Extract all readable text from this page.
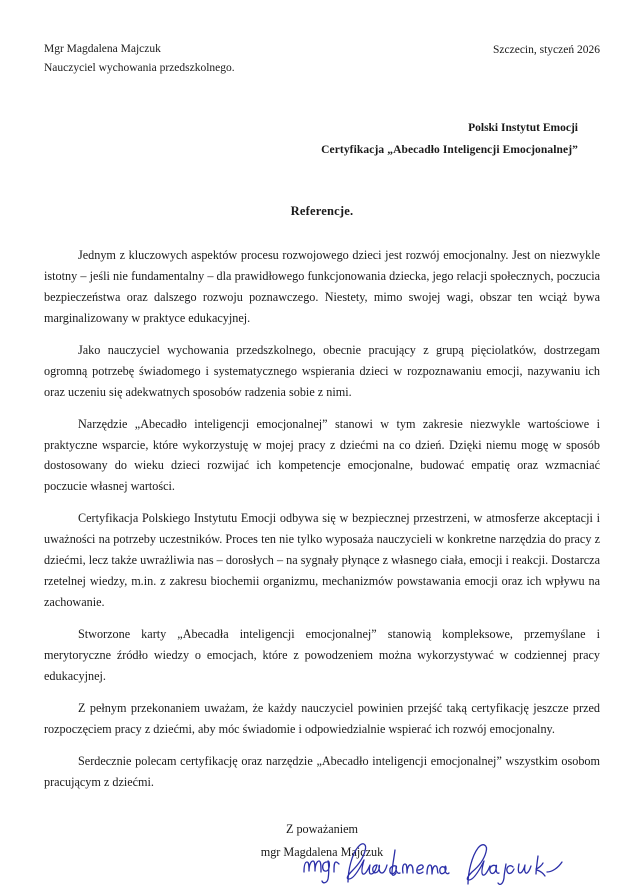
Mgr Magdalena Majczuk
Nauczyciel wychowania przedszkolnego.
Szczecin, styczeń 2026
Polski Instytut Emocji
Certyfikacja „Abecadło Inteligencji Emocjonalnej”
Referencje.

Jednym z kluczowych aspektów procesu rozwojowego dzieci jest rozwój emocjonalny. Jest on niezwykle istotny – jeśli nie fundamentalny – dla prawidłowego funkcjonowania dziecka, jego relacji społecznych, poczucia bezpieczeństwa oraz dalszego rozwoju poznawczego. Niestety, mimo swojej wagi, obszar ten wciąż bywa marginalizowany w praktyce edukacyjnej.

Jako nauczyciel wychowania przedszkolnego, obecnie pracujący z grupą pięciolatków, dostrzegam ogromną potrzebę świadomego i systematycznego wspierania dzieci w rozpoznawaniu emocji, nazywaniu ich oraz uczeniu się adekwatnych sposobów radzenia sobie z nimi.

Narzędzie „Abecadło inteligencji emocjonalnej” stanowi w tym zakresie niezwykle wartościowe i praktyczne wsparcie, które wykorzystuję w mojej pracy z dziećmi na co dzień. Dzięki niemu mogę w sposób dostosowany do wieku dzieci rozwijać ich kompetencje emocjonalne, budować empatię oraz wzmacniać poczucie własnej wartości.

Certyfikacja Polskiego Instytutu Emocji odbywa się w bezpiecznej przestrzeni, w atmosferze akceptacji i uważności na potrzeby uczestników. Proces ten nie tylko wyposaża nauczycieli w konkretne narzędzia do pracy z dziećmi, lecz także uwrażliwia nas – dorosłych – na sygnały płynące z własnego ciała, emocji i reakcji. Dostarcza rzetelnej wiedzy, m.in. z zakresu biochemii organizmu, mechanizmów powstawania emocji oraz ich wpływu na zachowanie.

Stworzone karty „Abecadła inteligencji emocjonalnej” stanowią kompleksowe, przemyślane i merytoryczne źródło wiedzy o emocjach, które z powodzeniem można wykorzystywać w codziennej pracy edukacyjnej.

Z pełnym przekonaniem uważam, że każdy nauczyciel powinien przejść taką certyfikację jeszcze przed rozpoczęciem pracy z dziećmi, aby móc świadomie i odpowiedzialnie wspierać ich rozwój emocjonalny.

Serdecznie polecam certyfikację oraz narzędzie „Abecadło inteligencji emocjonalnej” wszystkim osobom pracującym z dziećmi.

Z poważaniem
mgr Magdalena Majczuk
